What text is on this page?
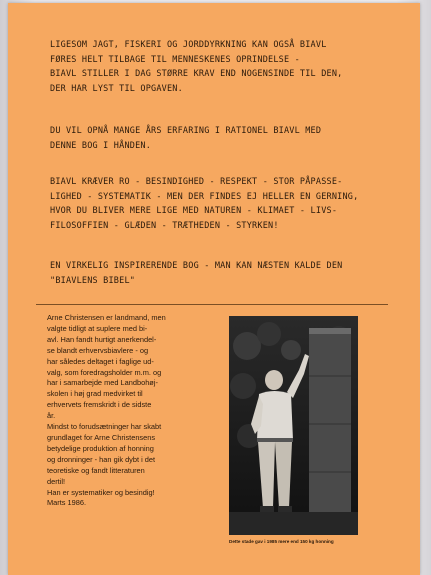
LIGESOM JAGT, FISKERI OG JORDDYRKNING KAN OGSÅ BIAVL
FØRES HELT TILBAGE TIL MENNESKENES OPRINDELSE -
BIAVL STILLER I DAG STØRRE KRAV END NOGENSINDE TIL DEN,
DER HAR LYST TIL OPGAVEN.
DU VIL OPNÅ MANGE ÅRS ERFARING I RATIONEL BIAVL MED
DENNE BOG I HÅNDEN.
BIAVL KRÆVER RO - BESINDIGHED - RESPEKT - STOR PÅPASSE-
LIGHED - SYSTEMATIK - MEN DER FINDES EJ HELLER EN GERNING,
HVOR DU BLIVER MERE LIGE MED NATUREN - KLIMAET - LIVS-
FILOSOFFIEN - GLÆDEN - TRÆTHEDEN - STYRKEN!
EN VIRKELIG INSPIRERENDE BOG - MAN KAN NÆSTEN KALDE DEN
"BIAVLENS BIBEL"
Arne Christensen er landmand, men
valgte tidligt at suplere med bi-
avl. Han fandt hurtigt anerkendel-
se blandt erhvervsbiavlere - og
har således deltaget i faglige ud-
valg, som foredragsholder m.m. og
har i samarbejde med Landbohøj-
skolen i høj grad medvirket til
erhvervets fremskridt i de sidste
år.
Mindst to forudsætninger har skabt
grundlaget for Arne Christensens
betydelige produktion af honning
og dronninger - han gik dybt i det
teoretiske og fandt litteraturen
dertil!
Han er systematiker og besindig!
Marts 1986.
Dette stade gav i 1985 mere end 150 kg honning
